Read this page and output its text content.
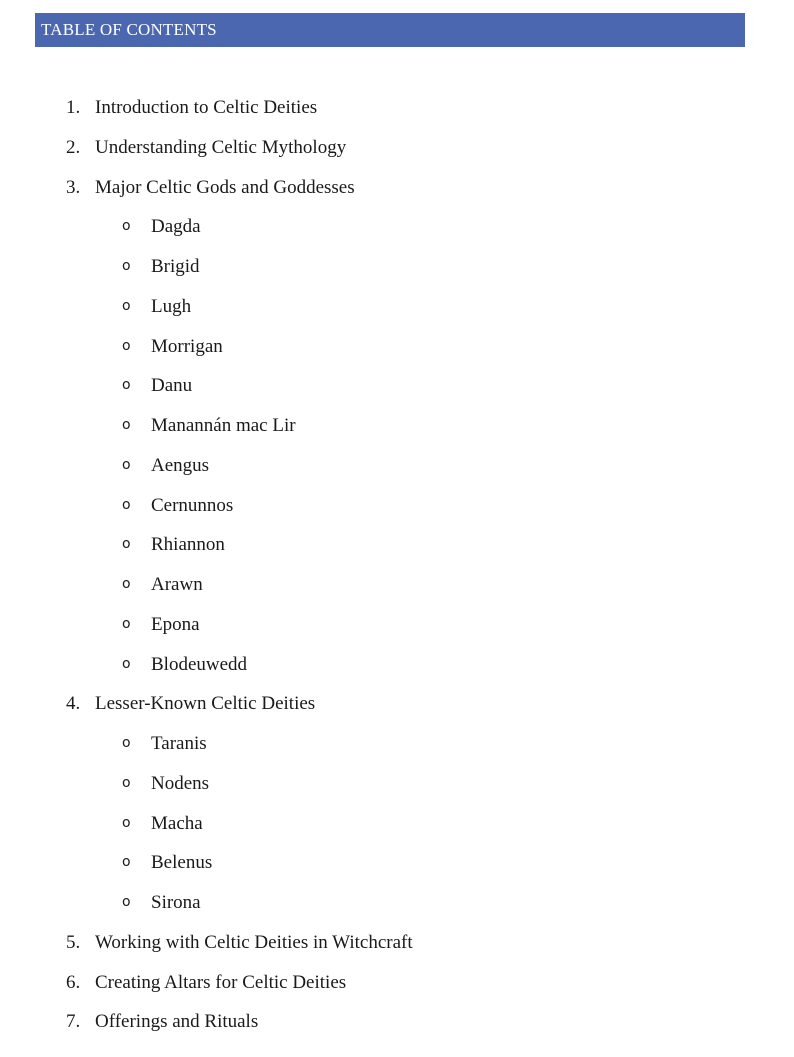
TABLE OF CONTENTS
1. Introduction to Celtic Deities
2. Understanding Celtic Mythology
3. Major Celtic Gods and Goddesses
o Dagda
o Brigid
o Lugh
o Morrigan
o Danu
o Manannán mac Lir
o Aengus
o Cernunnos
o Rhiannon
o Arawn
o Epona
o Blodeuwedd
4. Lesser-Known Celtic Deities
o Taranis
o Nodens
o Macha
o Belenus
o Sirona
5. Working with Celtic Deities in Witchcraft
6. Creating Altars for Celtic Deities
7. Offerings and Rituals
